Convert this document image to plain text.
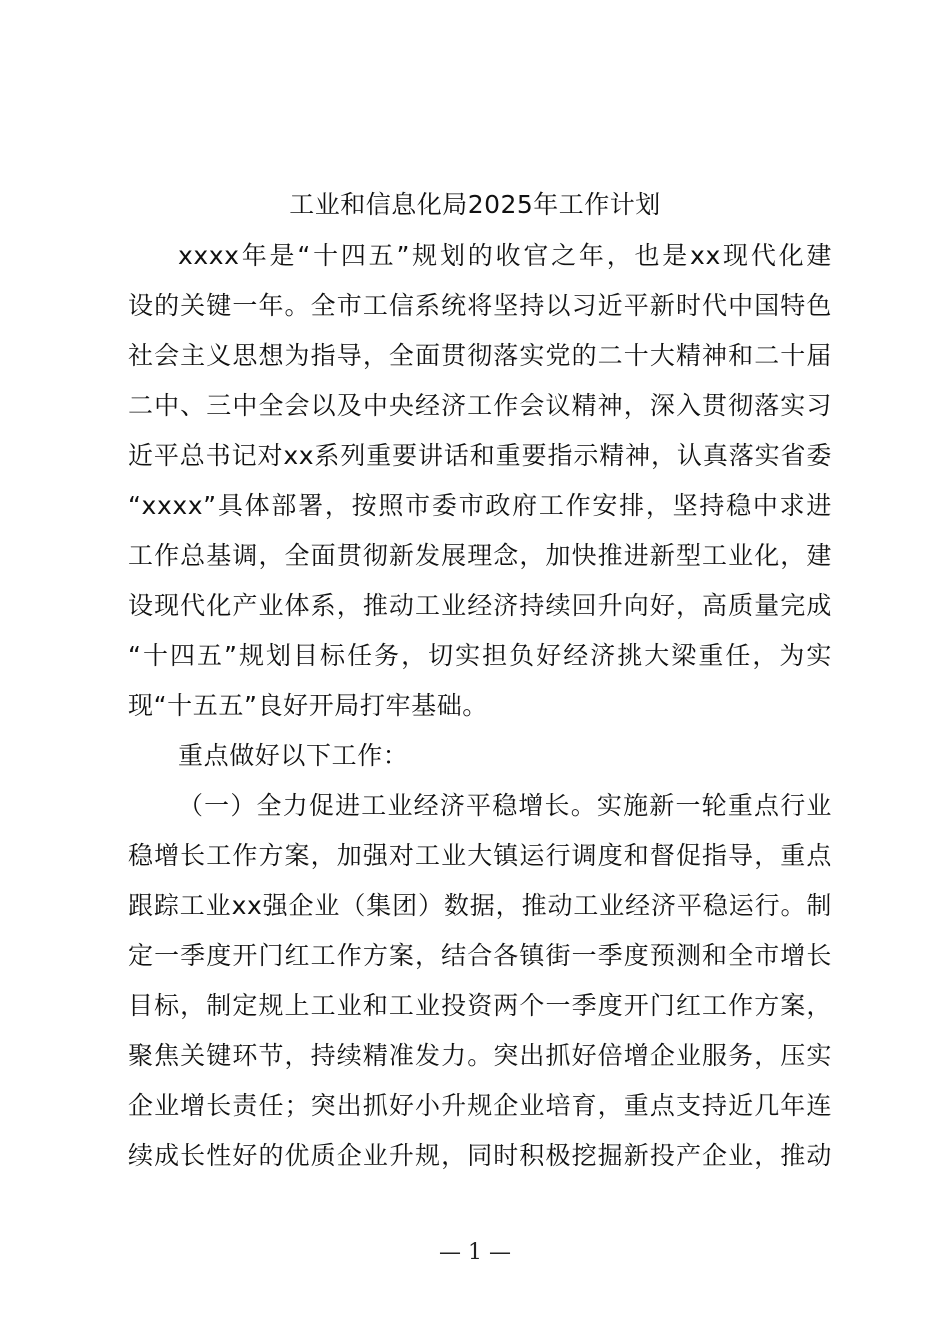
工业和信息化局2025年工作计划
xxxx年是“十四五”规划的收官之年，也是xx现代化建
设的关键一年。全市工信系统将坚持以习近平新时代中国特色
社会主义思想为指导，全面贯彻落实党的二十大精神和二十届
二中、三中全会以及中央经济工作会议精神，深入贯彻落实习
近平总书记对xx系列重要讲话和重要指示精神，认真落实省委
“xxxx”具体部署，按照市委市政府工作安排，坚持稳中求进
工作总基调，全面贯彻新发展理念，加快推进新型工业化，建
设现代化产业体系，推动工业经济持续回升向好，高质量完成
“十四五”规划目标任务，切实担负好经济挑大梁重任，为实
现“十五五”良好开局打牢基础。
重点做好以下工作：
（一）全力促进工业经济平稳增长。实施新一轮重点行业
稳增长工作方案，加强对工业大镇运行调度和督促指导，重点
跟踪工业xx强企业（集团）数据，推动工业经济平稳运行。制
定一季度开门红工作方案，结合各镇街一季度预测和全市增长
目标，制定规上工业和工业投资两个一季度开门红工作方案，
聚焦关键环节，持续精准发力。突出抓好倍增企业服务，压实
企业增长责任；突出抓好小升规企业培育，重点支持近几年连
续成长性好的优质企业升规，同时积极挖掘新投产企业，推动
— 1 —
